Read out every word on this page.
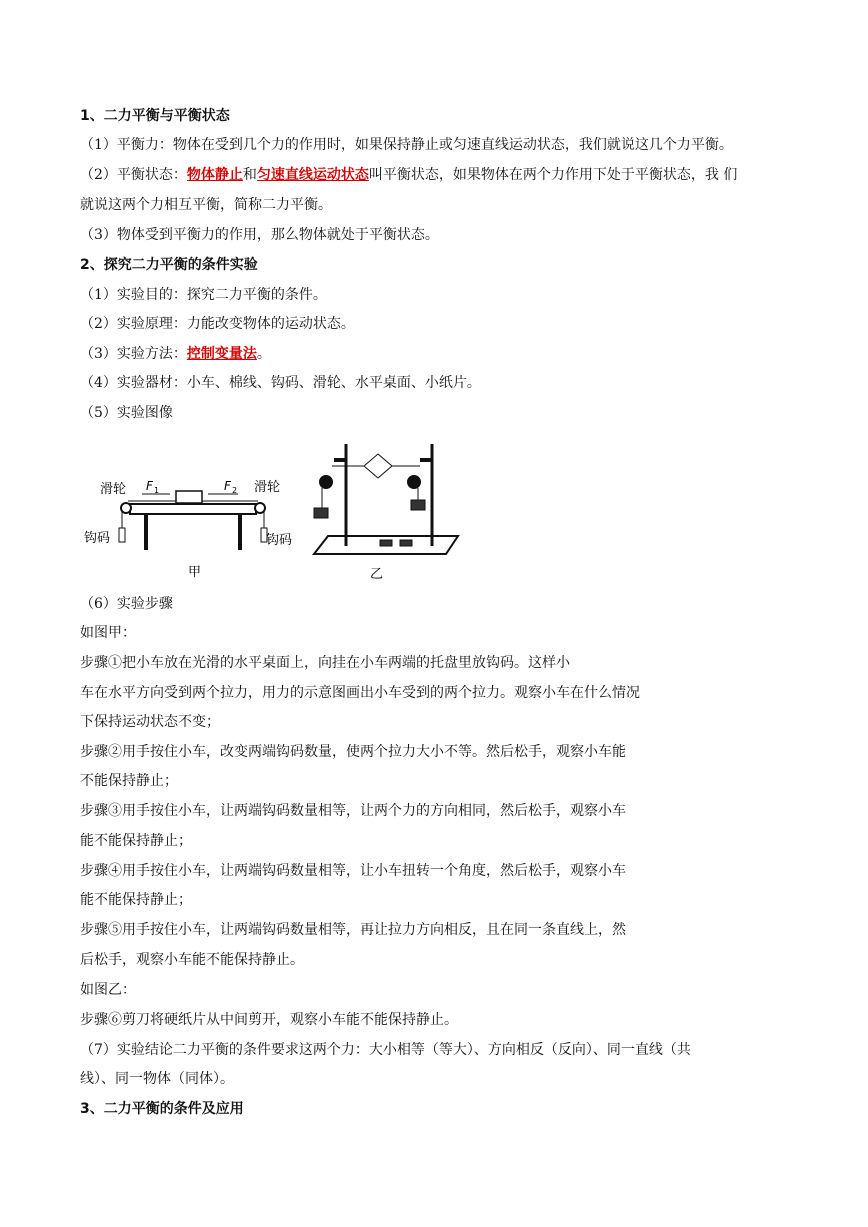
1、二力平衡与平衡状态
（1）平衡力：物体在受到几个力的作用时，如果保持静止或匀速直线运动状态，我们就说这几个力平衡。
（2）平衡状态：物体静止和匀速直线运动状态叫平衡状态，如果物体在两个力作用下处于平衡状态，我 们
就说这两个力相互平衡，简称二力平衡。
（3）物体受到平衡力的作用，那么物体就处于平衡状态。
2、探究二力平衡的条件实验
（1）实验目的：探究二力平衡的条件。
（2）实验原理：力能改变物体的运动状态。
（3）实验方法：控制变量法。
（4）实验器材：小车、棉线、钩码、滑轮、水平桌面、小纸片。
（5）实验图像
滑轮	滑轮
F 1	F 2
钩码	钩码
甲	乙
（6）实验步骤
如图甲：
步骤①把小车放在光滑的水平桌面上，向挂在小车两端的托盘里放钩码。这样小
车在水平方向受到两个拉力，用力的示意图画出小车受到的两个拉力。观察小车在什么情况
下保持运动状态不变；
步骤②用手按住小车，改变两端钩码数量，使两个拉力大小不等。然后松手，观察小车能
不能保持静止；
步骤③用手按住小车，让两端钩码数量相等，让两个力的方向相同，然后松手，观察小车
能不能保持静止；
步骤④用手按住小车，让两端钩码数量相等，让小车扭转一个角度，然后松手，观察小车
能不能保持静止；
步骤⑤用手按住小车，让两端钩码数量相等，再让拉力方向相反，且在同一条直线上，然
后松手，观察小车能不能保持静止。
如图乙：
步骤⑥剪刀将硬纸片从中间剪开，观察小车能不能保持静止。
（7）实验结论二力平衡的条件要求这两个力：大小相等（等大）、方向相反（反向）、同一直线（共
线）、同一物体（同体）。
3、二力平衡的条件及应用
